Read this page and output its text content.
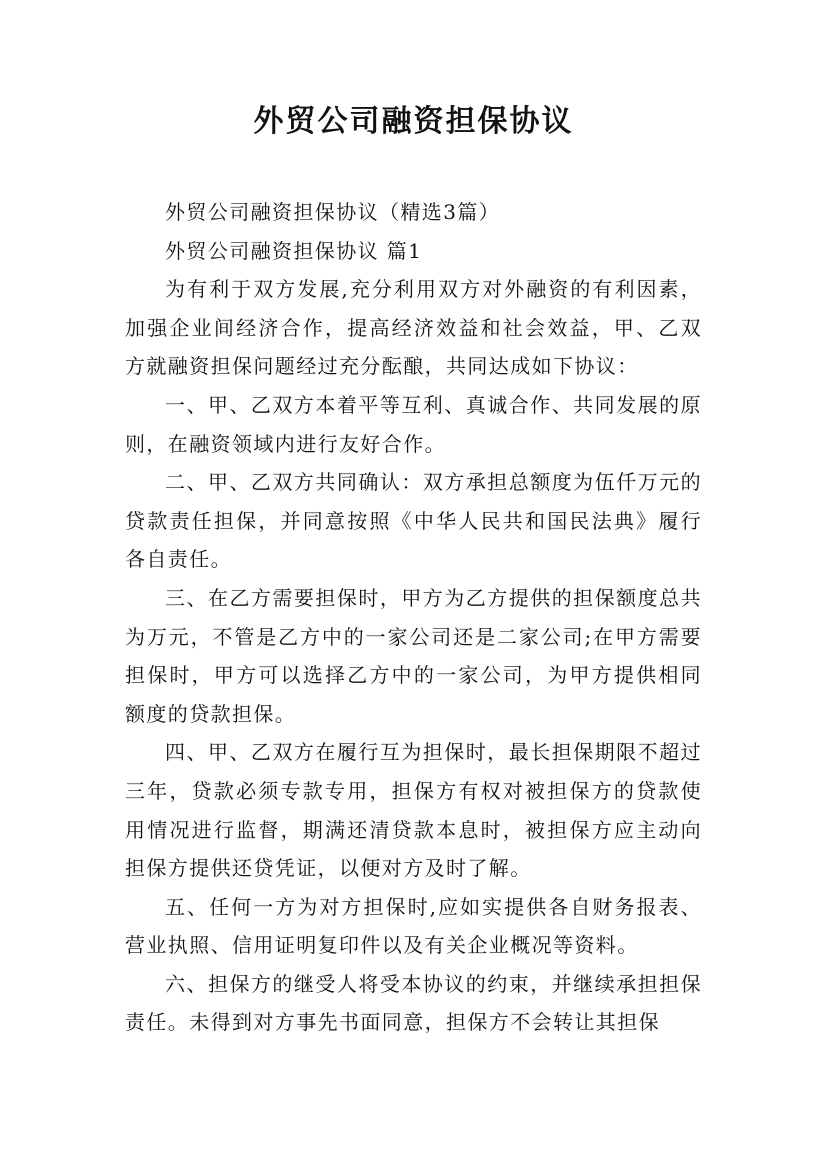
外贸公司融资担保协议

外贸公司融资担保协议（精选3篇）

外贸公司融资担保协议 篇1

为有利于双方发展,充分利用双方对外融资的有利因素，加强企业间经济合作，提高经济效益和社会效益，甲、乙双方就融资担保问题经过充分酝酿，共同达成如下协议：

一、甲、乙双方本着平等互利、真诚合作、共同发展的原则，在融资领域内进行友好合作。

二、甲、乙双方共同确认：双方承担总额度为伍仟万元的贷款责任担保，并同意按照《中华人民共和国民法典》履行各自责任。

三、在乙方需要担保时，甲方为乙方提供的担保额度总共为万元，不管是乙方中的一家公司还是二家公司;在甲方需要担保时，甲方可以选择乙方中的一家公司，为甲方提供相同额度的贷款担保。

四、甲、乙双方在履行互为担保时，最长担保期限不超过三年，贷款必须专款专用，担保方有权对被担保方的贷款使用情况进行监督，期满还清贷款本息时，被担保方应主动向担保方提供还贷凭证，以便对方及时了解。

五、任何一方为对方担保时,应如实提供各自财务报表、营业执照、信用证明复印件以及有关企业概况等资料。

六、担保方的继受人将受本协议的约束，并继续承担担保责任。未得到对方事先书面同意，担保方不会转让其担保
